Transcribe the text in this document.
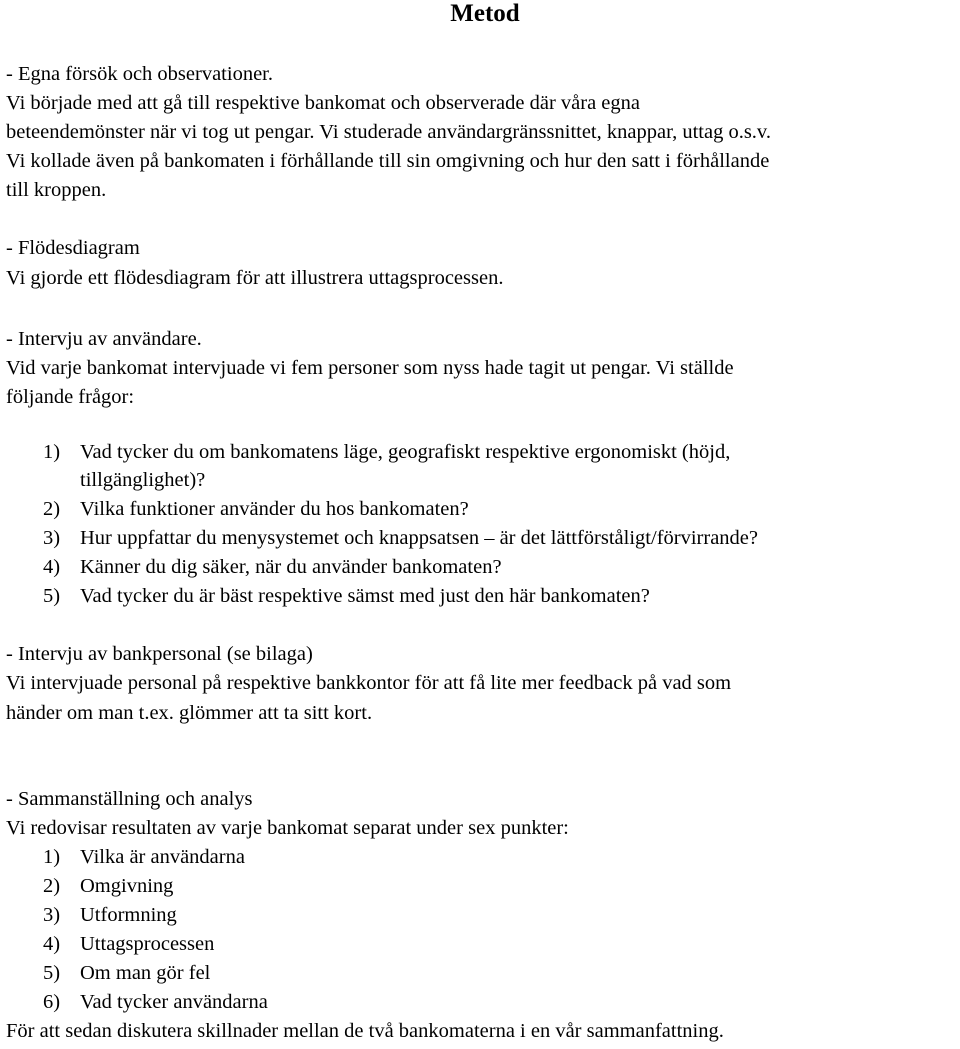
Metod
- Egna försök och observationer.
Vi började med att gå till respektive bankomat och observerade där våra egna
beteendemönster när vi tog ut pengar. Vi studerade användargränssnittet, knappar, uttag o.s.v.
Vi kollade även på bankomaten i förhållande till sin omgivning och hur den satt i förhållande
till kroppen.
- Flödesdiagram
Vi gjorde ett flödesdiagram för att illustrera uttagsprocessen.
- Intervju av användare.
Vid varje bankomat intervjuade vi fem personer som nyss hade tagit ut pengar. Vi ställde
följande frågor:
1) Vad tycker du om bankomatens läge, geografiskt respektive ergonomiskt (höjd,
tillgänglighet)?
2) Vilka funktioner använder du hos bankomaten?
3) Hur uppfattar du menysystemet och knappsatsen – är det lättförståligt/förvirrande?
4) Känner du dig säker, när du använder bankomaten?
5) Vad tycker du är bäst respektive sämst med just den här bankomaten?
- Intervju av bankpersonal (se bilaga)
Vi intervjuade personal på respektive bankkontor för att få lite mer feedback på vad som
händer om man t.ex. glömmer att ta sitt kort.
- Sammanställning och analys
Vi redovisar resultaten av varje bankomat separat under sex punkter:
1) Vilka är användarna
2) Omgivning
3) Utformning
4) Uttagsprocessen
5) Om man gör fel
6) Vad tycker användarna
För att sedan diskutera skillnader mellan de två bankomaterna i en vår sammanfattning.
